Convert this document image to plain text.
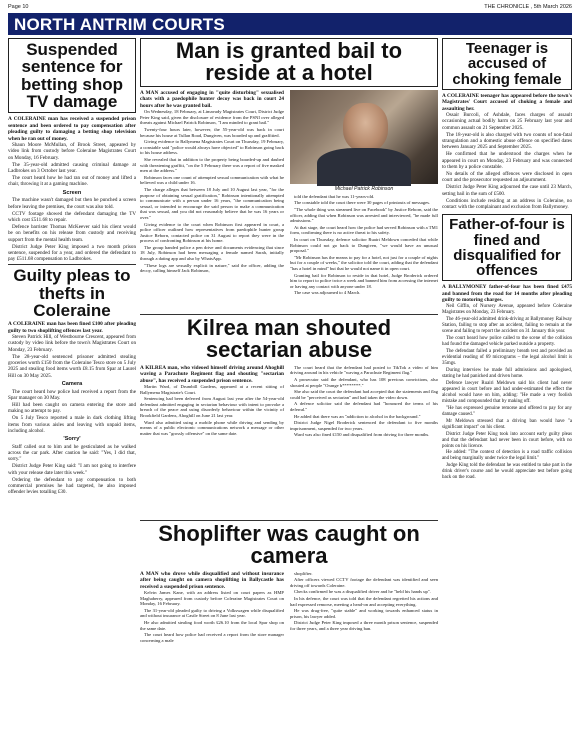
Page 10	THE CHRONICLE , 5th March 2026
NORTH ANTRIM COURTS
Suspended sentence for betting shop TV damage
A COLERAINE man has received a suspended prison sentence and been ordered to pay compensation after pleading guilty to damaging a betting shop television when he ran out of money.

Shaun Moore McMullan, of Brook Street, appeared by video link from custody before Coleraine Magistrates Court on Monday, 16 February.

The 35-year-old admitted causing criminal damage at Ladbrokes on 3 October last year.

The court heard how he had ran out of money and lifted a chair, throwing it at a gaming machine.

Screen

The machine wasn't damaged but then he punched a screen before leaving the premises, the court was also told.

CCTV footage showed the defendant damaging the TV which cost £511.68 to repair.

Defence barrister Thomas McKeever said his client would be on benefits on his release from custody and receiving support from the mental health team.

District Judge Peter King imposed a two month prison sentence, suspended for a year, and ordered the defendant to pay £511.68 compensation to Ladbrokes.

Guilty pleas to thefts in Coleraine
A COLERAINE man has been fined £100 after pleading guilty to two shoplifting offences last year.

Steven Patrick Hill, of Westbourne Crescent, appeared from custody by video link before the town's Magistrates Court on Monday, 23 February.

The 28-year-old sentenced prisoner admitted stealing groceries worth £150 from the Coleraine Tesco store on 5 July 2025 and stealing food items worth £8.15 from Spar at Laurel Hill on 30 May 2025.

Camera

The court heard how police had received a report from the Spar manager on 30 May.

Hill had been caught on camera entering the store and making no attempt to pay.

On 5 July Tesco reported a male in dark clothing lifting items from various aisles and leaving with unpaid items, including alcohol.

'Sorry'

Staff called out to him and he gesticulated as he walked across the car park. After caution he said: "Yes, I did that, sorry."

District Judge Peter King said: "I am not going to interfere with your release date later this week."

Ordering the defendant to pay compensation to both commercial premises he had targeted, he also imposed offender levies totalling £30.

Man is granted bail to reside at a hotel
A MAN accused of engaging in "quite disturbing" sexualised chats with a paedophile hunter decoy was back in court 24 hours after he was granted bail.

On Wednesday, 18 February, at Limavady Magistrates Court, District Judge Peter King said, given the disclosure of evidence from the PSNI over alleged threats against Michael Patrick Robinson, "I am minded to grant bail."

Twenty-four hours later, however, the 55-year-old was back in court because his house at Tullan Road, Dungiven, was boarded up and graffitied.

Giving evidence to Ballymena Magistrates Court on Thursday, 19 February, a constable said "police would always have objected" to Robinson going back to his house address.

She revealed that in addition to the property being boarded-up and daubed with threatening graffiti, "on the 5 February there was a report of five masked men at the address."

Robinson faces one count of attempted sexual communication with what he believed was a child under 16.

The charge alleges that between 18 July and 10 August last year, "for the purpose of obtaining sexual gratification," Robinson intentionally attempted to communicate with a person under 16 years, "the communication being sexual, or intended to encourage the said person to make a communication that was sexual, and you did not reasonably believe that he was 16 years or over."

Giving evidence to the court when Robinson first appeared in court, a police officer outlined how representatives from paedophile hunter group Justice Reborn, contacted police on 31 August to report they were in the process of confronting Robinson at his home.

The group handed police a pen drive and documents evidencing that since 18 July, Robinson had been messaging a female named Sarah, initially through a dating app and also by WhatsApp.

"These logs are sexually explicit in nature," said the officer, adding the decoy, calling himself Jack Robinson,

Michael Patrick Robinson

told the defendant that he was 11-years-old.

The constable told the court there were 30 pages of printouts of messages.

"The whole thing was streamed live on Facebook" by Justice Reborn, said the officer, adding that when Robinson was arrested and interviewed, "he made full admissions."

At that stage, the court heard how the police had served Robinson with a TM1 form, confirming there is no active threat to his safety.

In court on Thursday, defence solicitor Ruairi Meldown conceded that while Robinson could not go back to Dungiven, "we would have an unusual proposal."

"Mr Robinson has the means to pay for a hotel, not just for a couple of nights but for a couple of weeks," the solicitor told the court, adding that the defendant "has a hotel in mind" but that he would not name it in open court.

Granting bail for Robinson to reside in that hotel, Judge Broderick ordered him to report to police twice a week and banned him from accessing the internet or having any contact with anyone under 18.

The case was adjourned to 4 March.

Kilrea man shouted sectarian abuse
A KILREA man, who videoed himself driving around Ahoghill waving a Parachute Regiment flag and shouting "sectarian abuse", has received a suspended prison sentence.

Martin Ward, of Drumbill Gardens, appeared at a recent sitting of Ballymena Magistrate's Court.

Sentencing had been deferred from August last year after the 54-year-old defendant admitted engaging in sectarian behaviour with intent to provoke a breach of the peace and using disorderly behaviour within the vicinity of Brookfield Gardens, Ahoghill on June 21 last year.

Ward also admitted using a mobile phone while driving and sending by means of a public electronic communications network a message or other matter that was "grossly offensive" on the same date.

The court heard that the defendant had posted to TikTok a video of him driving around in his vehicle "waving a Parachute Regiment flag."

A prosecutor said the defendant, who has 108 previous convictions, also shouted at people "Orange b********."

She also said the court the defendant had accepted that the statements and flag could be "perceived as sectarian" and had taken the video down.

A defence solicitor said the defendant had "honoured the terms of his deferral."

He added that there was an "addiction to alcohol in the background."

District Judge Nigel Broderick sentenced the defendant to five months imprisonment, suspended for two years.

Ward was also fined £150 and disqualified from driving for three months.

Shoplifter was caught on camera
A MAN who drove while disqualified and without insurance after being caught on camera shoplifting in Ballycastle has received a suspended prison sentence.

Kelvin James Kane, with an address listed on court papers as HMP Maghaberry, appeared from custody before Coleraine Magistrates Court on Monday, 16 February.

The 31-year-old pleaded guilty to driving a Volkswagen while disqualified and without insurance at Castle Street on 8 June last year.

He also admitted stealing food worth £26.10 from the local Spar shop on the same date.

The court heard how police had received a report from the store manager concerning a male

shoplifter.

After officers viewed CCTV footage the defendant was identified and seen driving off towards Coleraine.

Checks confirmed he was a disqualified driver and he "held his hands up".

In his defence, the court was told that the defendant regretted his actions and had expressed remorse, meeting a head-on and accepting everything.

He was drug-free, "quite stable" and working towards enhanced status in prison, his lawyer added.

District Judge Peter King imposed a three month prison sentence, suspended for three years, and a three year driving ban.

Teenager is accused of choking female
A COLERAINE teenager has appeared before the town's Magistrates' Court accused of choking a female and assaulting her.

Ossair Burcoli, of Ashdale, faces charges of assault occasioning actual bodily harm on 25 February last year and common assault on 21 September 2025.

The 18-year-old is also charged with two counts of non-fatal strangulation and a domestic abuse offence on specified dates between January 2025 and September 2025.

He confirmed that he understood the charges when he appeared in court on Monday, 23 February and was connected to them by a police constable.

No details of the alleged offences were disclosed in open court and the prosecutor requested an adjournment.

District Judge Peter King adjourned the case until 23 March, setting bail in the sum of £500.

Conditions include residing at an address in Coleraine, no contact with the complainant and exclusion from Ballymoney.

Father-of-four is fined and disqualified for offences
A BALLYMONEY father-of-four has been fined £475 and banned from the road for 14 months after pleading guilty to motoring charges.

Neil Giffin, of Nursery Avenue, appeared before Coleraine Magistrates on Monday, 23 February.

The 46-year-old admitted drink-driving at Ballymoney Railway Station, failing to stop after an accident, failing to remain at the scene and failing to report the accident on 31 January this year.

The court heard how police called to the scene of the collision had found the damaged vehicle parked outside a property.

The defendant failed a preliminary breath test and provided an evidential reading of 69 micrograms – the legal alcohol limit is 35mgs.

During interview he made full admissions and apologised, stating he had panicked and driven home.

Defence lawyer Ruairi Meldown said his client had never appeared in court before and had under-estimated the effect the alcohol would have on him, adding: "He made a very foolish mistake and compounded that by making off.

"He has expressed genuine remorse and offered to pay for any damage caused."

Mr Meldown stressed that a driving ban would have "a significant impact" on his client.

District Judge Peter King took into account early guilty pleas and that the defendant had never been in court before, with no points on his licence.

He added: "The context of detection is a road traffic collision and being marginally under twice the legal limit."

Judge King told the defendant he was entitled to take part in the drink driver's course and he would appreciate test before going back on the road.
